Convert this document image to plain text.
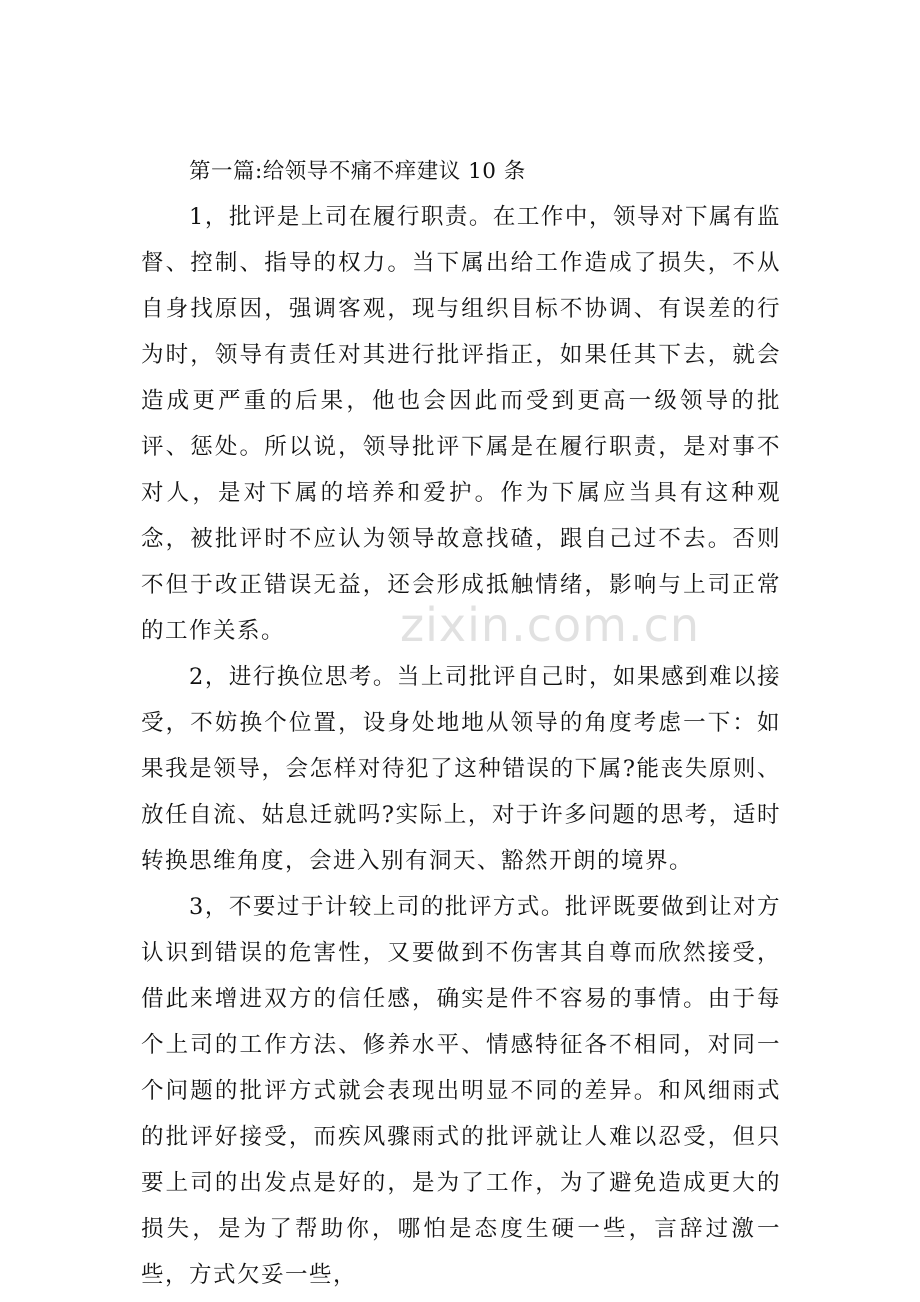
第一篇:给领导不痛不痒建议 10 条

1，批评是上司在履行职责。在工作中，领导对下属有监督、控制、指导的权力。当下属出给工作造成了损失，不从自身找原因，强调客观，现与组织目标不协调、有误差的行为时，领导有责任对其进行批评指正，如果任其下去，就会造成更严重的后果，他也会因此而受到更高一级领导的批评、惩处。所以说，领导批评下属是在履行职责，是对事不对人，是对下属的培养和爱护。作为下属应当具有这种观念，被批评时不应认为领导故意找碴，跟自己过不去。否则不但于改正错误无益，还会形成抵触情绪，影响与上司正常的工作关系。

2，进行换位思考。当上司批评自己时，如果感到难以接受，不妨换个位置，设身处地地从领导的角度考虑一下：如果我是领导，会怎样对待犯了这种错误的下属?能丧失原则、放任自流、姑息迁就吗?实际上，对于许多问题的思考，适时转换思维角度，会进入别有洞天、豁然开朗的境界。

3，不要过于计较上司的批评方式。批评既要做到让对方认识到错误的危害性，又要做到不伤害其自尊而欣然接受，借此来增进双方的信任感，确实是件不容易的事情。由于每个上司的工作方法、修养水平、情感特征各不相同，对同一个问题的批评方式就会表现出明显不同的差异。和风细雨式的批评好接受，而疾风骤雨式的批评就让人难以忍受，但只要上司的出发点是好的，是为了工作，为了避免造成更大的损失，是为了帮助你，哪怕是态度生硬一些，言辞过激一些，方式欠妥一些，

zixin.com.cn
